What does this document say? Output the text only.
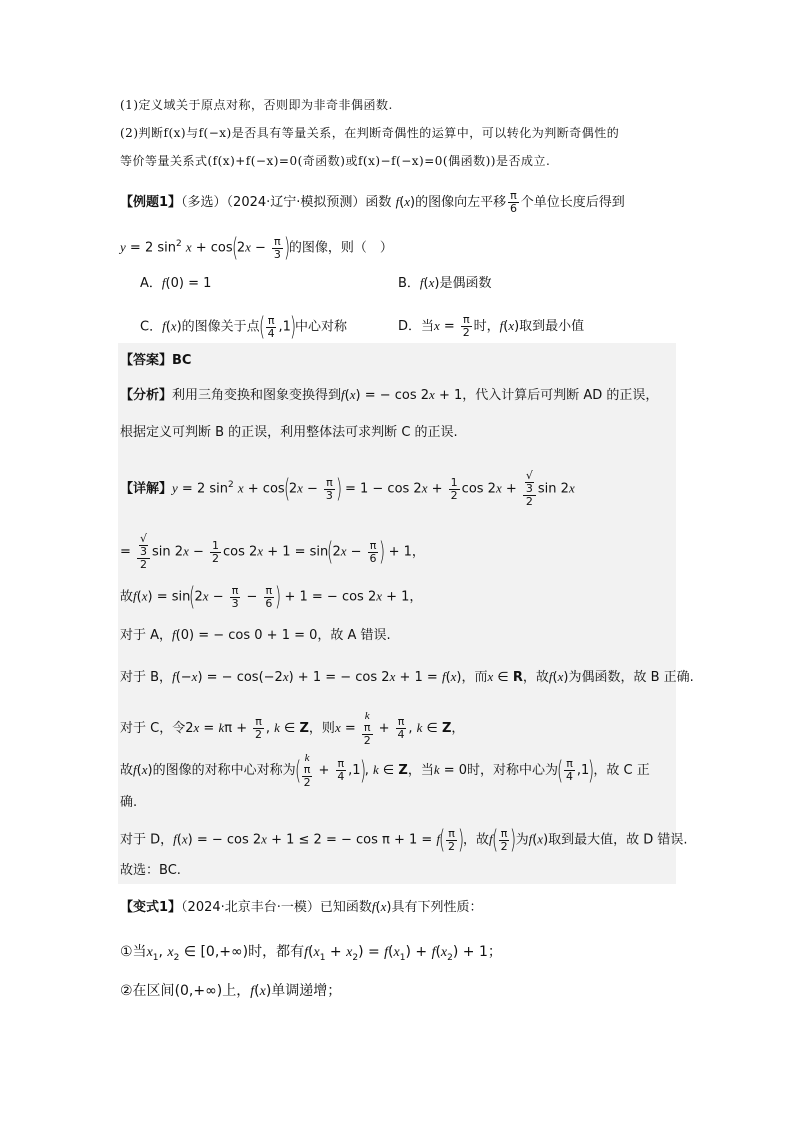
(1)定义域关于原点对称，否则即为非奇非偶函数.
(2)判断f(x)与f(−x)是否具有等量关系，在判断奇偶性的运算中，可以转化为判断奇偶性的
等价等量关系式(f(x)+f(−x)=0(奇函数)或f(x)−f(−x)=0(偶函数))是否成立.
【例题1】（多选）（2024·辽宁·模拟预测）函数 f(x)的图像向左平移 $\frac{\pi}{6}$ 个单位长度后得到
y = 2 $\sin^2 x + \cos(2x - \frac{\pi}{3}$ )的图像，则（　）
A．f(0) = 1	B．f(x)是偶函数
C．f(x)的图像关于点( $\frac{\pi}{4} ,1$)中心对称	D．当$x = \frac{\pi}{2}$ 时，f(x)取到最小值
【答案】BC
【分析】利用三角变换和图象变换得到f(x) = − cos 2x + 1，代入计算后可判断 AD 的正误，
根据定义可判断 B 的正误，利用整体法可求判断 C 的正误.
【详解】y = 2 $\sin^2 x + \cos(2x - \frac{\pi}{3}$ ) = $1 - \cos 2x + \frac{1}{2}$ cos 2x + √
3
2 sin 2x
= √
3
2 $\sin 2x - \frac{1}{2}$ $\cos 2x + 1 = \sin(2x - \frac{\pi}{6}$ ) + 1，
故$f(x) = \sin(2x - \frac{\pi}{3} - \frac{\pi}{6}$ ) + 1 = − cos 2x + 1，
对于 A，f(0) = − cos 0 + 1 = 0，故 A 错误.
对于 B，f(−x) = − cos(−2x) + 1 = − cos 2x + 1 = f(x)，而x ∈ R，故f(x)为偶函数，故 B 正确.
对于 C，令$2x = k\pi + \frac{\pi}{2}$ , k ∈ Z，则x = k
π
$2 + \frac{\pi}{4}$ , k ∈ Z，
故f(x)的图像的对称中心对称为( k
π
$2 + \frac{\pi}{4} ,1$), k ∈ Z，当k = 0时，对称中心为( $\frac{\pi}{4} ,1$)，故 C 正
确.
对于 D，f(x) = − cos 2x + 1 ≤ 2 = − $\cos \pi + 1 = f( \frac{\pi}{2}$ )，故$f( \frac{\pi}{2}$ )为f(x)取到最大值，故 D 错误.
故选：BC.
【变式1】（2024·北京丰台·一模）已知函数f(x)具有下列性质：
①当$x_1$, $x_2$ ∈ [0,+∞)时，都有$f(x_1 + x_2) = f(x_1) + f(x_2) + 1$；
②在区间(0,+∞)上，f(x)单调递增；
